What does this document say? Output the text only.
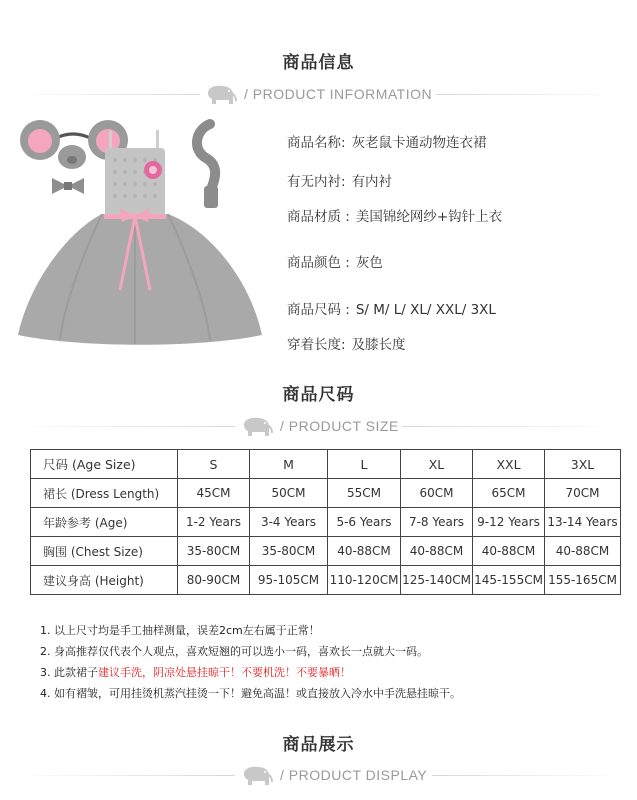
商品信息
/ PRODUCT INFORMATION
商品名称: 灰老鼠卡通动物连衣裙
有无内衬: 有内衬
商品材质 : 美国锦纶网纱+钩针上衣
商品颜色 : 灰色
商品尺码 : S/ M/ L/ XL/ XXL/ 3XL
穿着长度: 及膝长度
商品尺码
/ PRODUCT SIZE
尺码 (Age Size)	S	M	L	XL	XXL	3XL
裙长 (Dress Length)	45CM	50CM	55CM	60CM	65CM	70CM
年龄参考 (Age)	1-2 Years	3-4 Years	5-6 Years	7-8 Years	9-12 Years	13-14 Years
胸围 (Chest Size)	35-80CM	35-80CM	40-88CM	40-88CM	40-88CM	40-88CM
建议身高 (Height)	80-90CM	95-105CM	110-120CM	125-140CM	145-155CM	155-165CM
1. 以上尺寸均是手工抽样测量，误差2cm左右属于正常！
2. 身高推荐仅代表个人观点，喜欢短翘的可以选小一码，喜欢长一点就大一码。
3. 此款裙子建议手洗，阴凉处悬挂晾干！不要机洗！不要暴晒！
4. 如有褶皱，可用挂烫机蒸汽挂烫一下！避免高温！或直接放入冷水中手洗悬挂晾干。
商品展示
/ PRODUCT DISPLAY
